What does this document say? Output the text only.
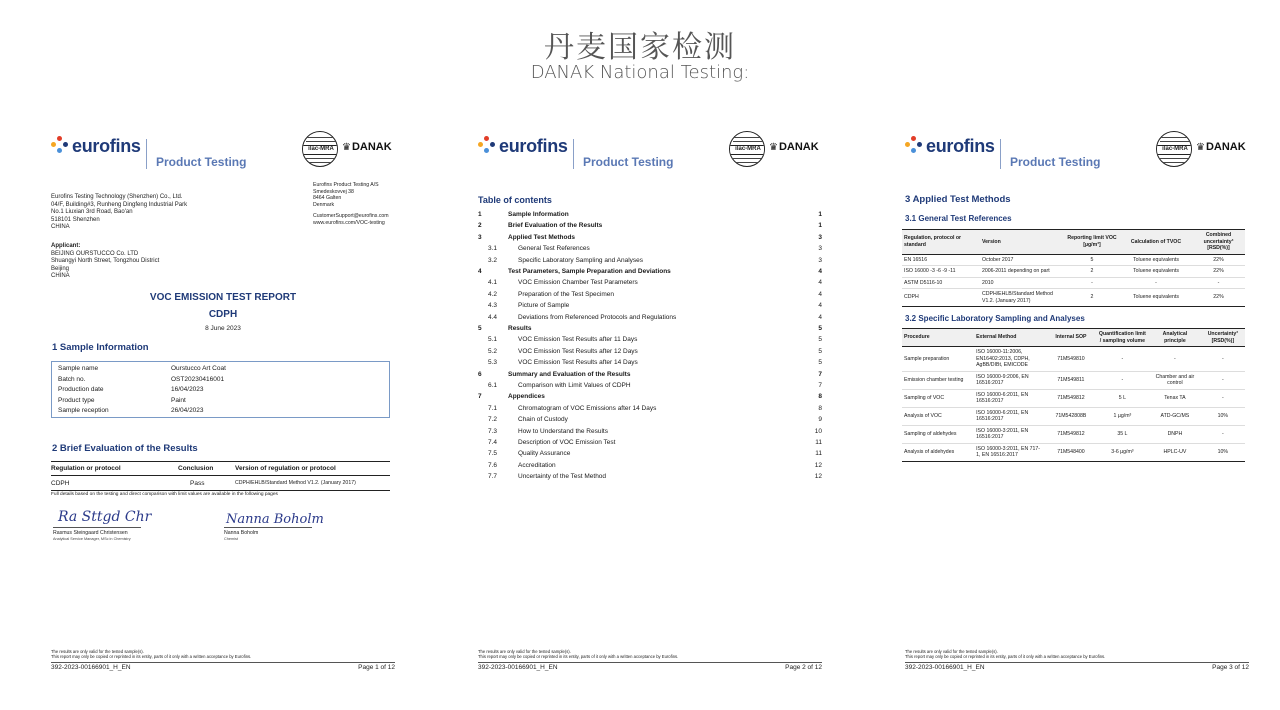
丹麦国家检测
DANAK National Testing:
eurofins
Product Testing
ilac-MRA ♛DANAK
Eurofins Product Testing A/S
Smedeskovvej 38
8464 Galten
Denmark
CustomerSupport@eurofins.com
www.eurofins.com/VOC-testing
Eurofins Testing Technology (Shenzhen) Co., Ltd.
04/F, Building#3, Runheng Dingfeng Industrial Park
No.1 Liuxian 3rd Road, Bao'an
518101 Shenzhen
CHINA
Applicant:
BEIJING OURSTUCCO Co. LTD
Shuangyi North Street, Tongzhou District
Beijing
CHINA
VOC EMISSION TEST REPORT
CDPH
8 June 2023
1 Sample Information
Sample name	Ourstucco Art Coat
Batch no.	OST20230416001
Production date	16/04/2023
Product type	Paint
Sample reception	26/04/2023
2 Brief Evaluation of the Results
Regulation or protocol	Conclusion	Version of regulation or protocol
CDPH	Pass	CDPH/EHLB/Standard Method V1.2. (January 2017)
Full details based on the testing and direct comparison with limit values are available in the following pages
Ra Sttgd Chr	Nanna Boholm
Rasmus Steingaard Christensen
Analytical Service Manager, MSc in Chemistry
Nanna Boholm
Chemist
The results are only valid for the tested sample(s).
This report may only be copied or reprinted in its entity, parts of it only with a written acceptance by Eurofins.
392-2023-00166901_H_EN	Page 1 of 12
eurofins
Product Testing
ilac-MRA ♛DANAK
Table of contents
1	Sample Information	1
2	Brief Evaluation of the Results	1
3	Applied Test Methods	3
3.1	General Test References	3
3.2	Specific Laboratory Sampling and Analyses	3
4	Test Parameters, Sample Preparation and Deviations	4
4.1	VOC Emission Chamber Test Parameters	4
4.2	Preparation of the Test Specimen	4
4.3	Picture of Sample	4
4.4	Deviations from Referenced Protocols and Regulations	4
5	Results	5
5.1	VOC Emission Test Results after 11 Days	5
5.2	VOC Emission Test Results after 12 Days	5
5.3	VOC Emission Test Results after 14 Days	5
6	Summary and Evaluation of the Results	7
6.1	Comparison with Limit Values of CDPH	7
7	Appendices	8
7.1	Chromatogram of VOC Emissions after 14 Days	8
7.2	Chain of Custody	9
7.3	How to Understand the Results	10
7.4	Description of VOC Emission Test	11
7.5	Quality Assurance	11
7.6	Accreditation	12
7.7	Uncertainty of the Test Method	12
The results are only valid for the tested sample(s).
This report may only be copied or reprinted in its entity, parts of it only with a written acceptance by Eurofins.
392-2023-00166901_H_EN	Page 2 of 12
eurofins
Product Testing
ilac-MRA ♛DANAK
3 Applied Test Methods
3.1 General Test References
Regulation, protocol or standard	Version	Reporting limit VOC [µg/m³]	Calculation of TVOC	Combined uncertainty³ [RSD(%)]
EN 16516	October 2017	5	Toluene equivalents	22%
ISO 16000 -3 -6 -9 -11	2006-2011 depending on part	2	Toluene equivalents	22%
ASTM D5116-10	2010	-	-	-
CDPH	CDPH/EHLB/Standard Method V1.2. (January 2017)	2	Toluene equivalents	22%
3.2 Specific Laboratory Sampling and Analyses
Procedure	External Method	Internal SOP	Quantification limit / sampling volume	Analytical principle	Uncertainty³ [RSD(%)]
Sample preparation	ISO 16000-11:2006, EN16402:2013, CDPH, AgBB/DIBt, EMICODE	71M549810	-	-	-
Emission chamber testing	ISO 16000-9:2006, EN 16516:2017	71M549811	-	Chamber and air control	-
Sampling of VOC	ISO 16000-6:2011, EN 16516:2017	71M549812	5 L	Tenax TA	-
Analysis of VOC	ISO 16000-6:2011, EN 16516:2017	71M542808B	1 µg/m³	ATD-GC/MS	10%
Sampling of aldehydes	ISO 16000-3:2011, EN 16516:2017	71M549812	35 L	DNPH	-
Analysis of aldehydes	ISO 16000-3:2011, EN 717-1, EN 16516:2017	71M548400	3-6 µg/m³	HPLC-UV	10%
The results are only valid for the tested sample(s).
This report may only be copied or reprinted in its entity, parts of it only with a written acceptance by Eurofins.
392-2023-00166901_H_EN	Page 3 of 12
